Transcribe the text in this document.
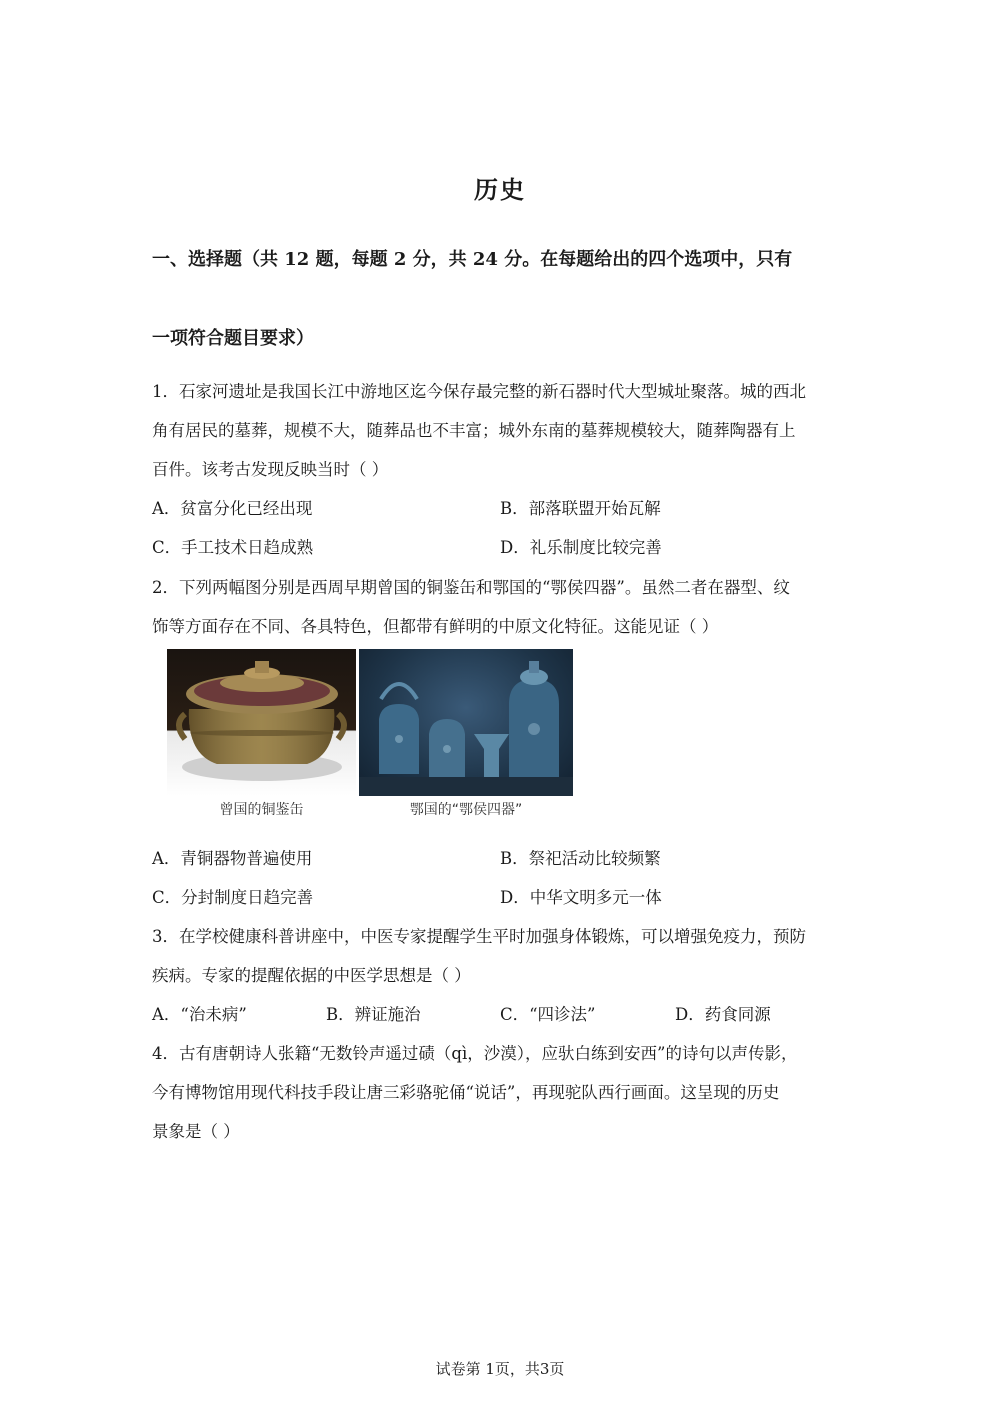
历史
一、选择题（共 12 题，每题 2 分，共 24 分。在每题给出的四个选项中，只有
一项符合题目要求）
1．石家河遗址是我国长江中游地区迄今保存最完整的新石器时代大型城址聚落。城的西北
角有居民的墓葬，规模不大，随葬品也不丰富；城外东南的墓葬规模较大，随葬陶器有上
百件。该考古发现反映当时（ ）
A．贫富分化已经出现	B．部落联盟开始瓦解
C．手工技术日趋成熟	D．礼乐制度比较完善
2．下列两幅图分别是西周早期曾国的铜鉴缶和鄂国的“鄂侯四器”。虽然二者在器型、纹
饰等方面存在不同、各具特色，但都带有鲜明的中原文化特征。这能见证（ ）
曾国的铜鉴缶	鄂国的“鄂侯四器”
A．青铜器物普遍使用	B．祭祀活动比较频繁
C．分封制度日趋完善	D．中华文明多元一体
3．在学校健康科普讲座中，中医专家提醒学生平时加强身体锻炼，可以增强免疫力，预防
疾病。专家的提醒依据的中医学思想是（ ）
A．“治未病”	B．辨证施治	C．“四诊法”	D．药食同源
4．古有唐朝诗人张籍“无数铃声遥过碛（qì，沙漠），应驮白练到安西”的诗句以声传影，
今有博物馆用现代科技手段让唐三彩骆驼俑“说话”，再现驼队西行画面。这呈现的历史
景象是（ ）
试卷第 1页，共3页
